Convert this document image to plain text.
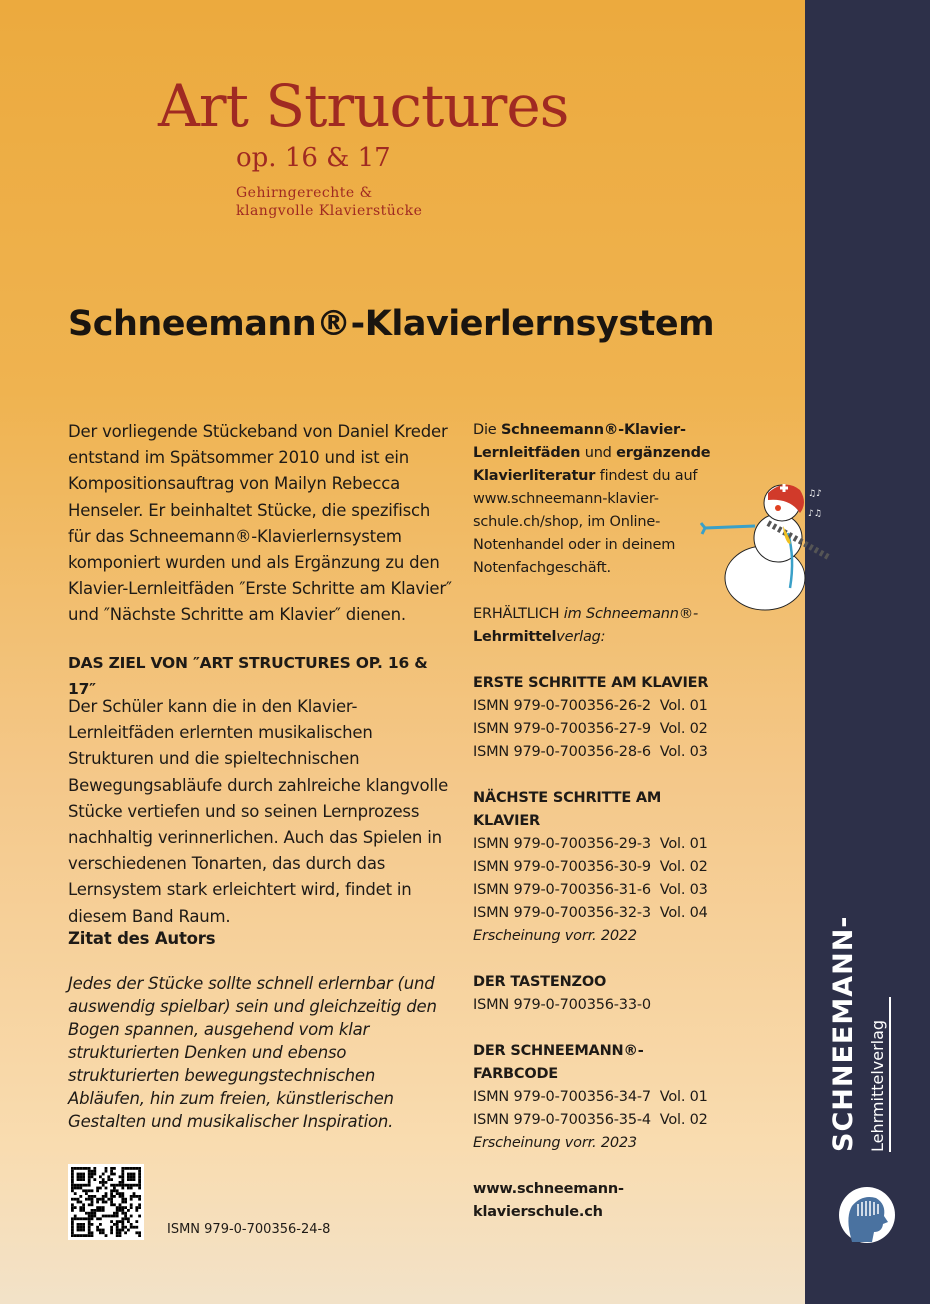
Art Structures
op. 16 & 17
Gehirngerechte &
klangvolle Klavierstücke
Schneemann®-Klavierlernsystem
Der vorliegende Stückeband von Daniel Kreder entstand im Spätsommer 2010 und ist ein Kompositionsauftrag von Mailyn Rebecca Henseler. Er beinhaltet Stücke, die spezifisch für das Schneemann®-Klavierlernsystem komponiert wurden und als Ergänzung zu den Klavier-Lernleitfäden ″Erste Schritte am Klavier″ und ″Nächste Schritte am Klavier″ dienen.
DAS ZIEL VON ″ART STRUCTURES OP. 16 & 17″
Der Schüler kann die in den Klavier-Lernleitfäden erlernten musikalischen Strukturen und die spieltechnischen Bewegungsabläufe durch zahlreiche klangvolle Stücke vertiefen und so seinen Lernprozess nachhaltig verinnerlichen. Auch das Spielen in verschiedenen Tonarten, das durch das Lernsystem stark erleichtert wird, findet in diesem Band Raum.
Zitat des Autors
Jedes der Stücke sollte schnell erlernbar (und auswendig spielbar) sein und gleichzeitig den Bogen spannen, ausgehend vom klar strukturierten Denken und ebenso strukturierten bewegungstechnischen Abläufen, hin zum freien, künstlerischen Gestalten und musikalischer Inspiration.

Die Schneemann®-Klavier-Lernleitfäden und ergänzende Klavierliteratur findest du auf www.schneemann-klavier-schule.ch/shop, im Online-Notenhandel oder in deinem Notenfachgeschäft.

ERHÄLTLICH im Schneemann®-Lehrmittelverlag:

ERSTE SCHRITTE AM KLAVIER

ISMN 979-0-700356-26-2  Vol. 01

ISMN 979-0-700356-27-9  Vol. 02

ISMN 979-0-700356-28-6  Vol. 03

NÄCHSTE SCHRITTE AM KLAVIER

ISMN 979-0-700356-29-3  Vol. 01

ISMN 979-0-700356-30-9  Vol. 02

ISMN 979-0-700356-31-6  Vol. 03

ISMN 979-0-700356-32-3  Vol. 04

Erscheinung vorr. 2022

DER TASTENZOO

ISMN 979-0-700356-33-0

DER SCHNEEMANN®-FARBCODE

ISMN 979-0-700356-34-7  Vol. 01

ISMN 979-0-700356-35-4  Vol. 02

Erscheinung vorr. 2023

www.schneemann-klavierschule.ch

♫♪
♪♫
ISMN 979-0-700356-24-8
SCHNEEMANN- Lehrmittelverlag
